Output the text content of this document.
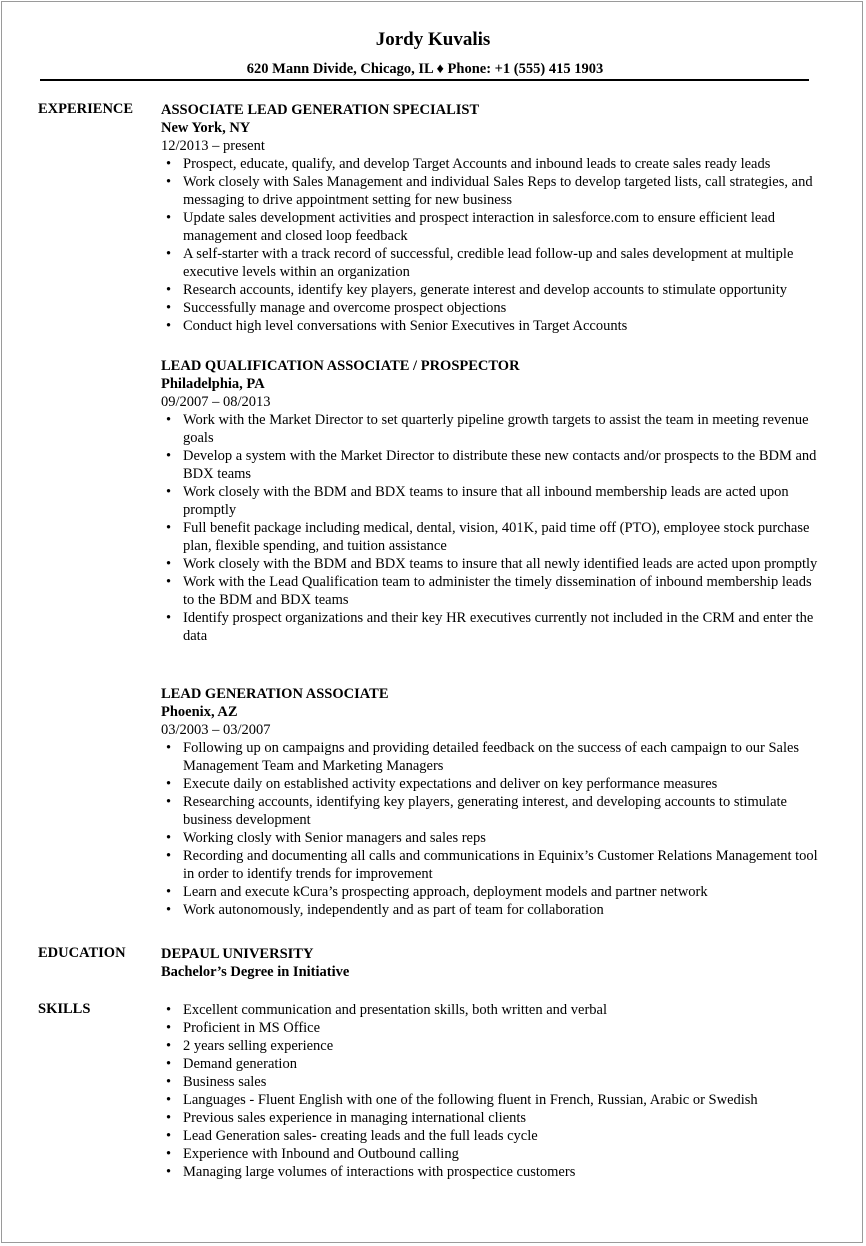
Jordy Kuvalis
620 Mann Divide, Chicago, IL ♦ Phone: +1 (555) 415 1903
EXPERIENCE ASSOCIATE LEAD GENERATION SPECIALIST
New York, NY
12/2013 – present
• Prospect, educate, qualify, and develop Target Accounts and inbound leads to create sales ready leads
• Work closely with Sales Management and individual Sales Reps to develop targeted lists, call strategies, and messaging to drive appointment setting for new business
• Update sales development activities and prospect interaction in salesforce.com to ensure efficient lead management and closed loop feedback
• A self-starter with a track record of successful, credible lead follow-up and sales development at multiple executive levels within an organization
• Research accounts, identify key players, generate interest and develop accounts to stimulate opportunity
• Successfully manage and overcome prospect objections
• Conduct high level conversations with Senior Executives in Target Accounts
LEAD QUALIFICATION ASSOCIATE / PROSPECTOR
Philadelphia, PA
09/2007 – 08/2013
• Work with the Market Director to set quarterly pipeline growth targets to assist the team in meeting revenue goals
• Develop a system with the Market Director to distribute these new contacts and/or prospects to the BDM and BDX teams
• Work closely with the BDM and BDX teams to insure that all inbound membership leads are acted upon promptly
• Full benefit package including medical, dental, vision, 401K, paid time off (PTO), employee stock purchase plan, flexible spending, and tuition assistance
• Work closely with the BDM and BDX teams to insure that all newly identified leads are acted upon promptly
• Work with the Lead Qualification team to administer the timely dissemination of inbound membership leads to the BDM and BDX teams
• Identify prospect organizations and their key HR executives currently not included in the CRM and enter the data
LEAD GENERATION ASSOCIATE
Phoenix, AZ
03/2003 – 03/2007
• Following up on campaigns and providing detailed feedback on the success of each campaign to our Sales Management Team and Marketing Managers
• Execute daily on established activity expectations and deliver on key performance measures
• Researching accounts, identifying key players, generating interest, and developing accounts to stimulate business development
• Working closly with Senior managers and sales reps
• Recording and documenting all calls and communications in Equinix’s Customer Relations Management tool in order to identify trends for improvement
• Learn and execute kCura’s prospecting approach, deployment models and partner network
• Work autonomously, independently and as part of team for collaboration
EDUCATION DEPAUL UNIVERSITY
Bachelor’s Degree in Initiative
SKILLS
•	Excellent communication and presentation skills, both written and verbal
• Proficient in MS Office
• 2 years selling experience
• Demand generation
• Business sales
• Languages - Fluent English with one of the following fluent in French, Russian, Arabic or Swedish
• Previous sales experience in managing international clients
• Lead Generation sales- creating leads and the full leads cycle
• Experience with Inbound and Outbound calling
• Managing large volumes of interactions with prospectice customers
